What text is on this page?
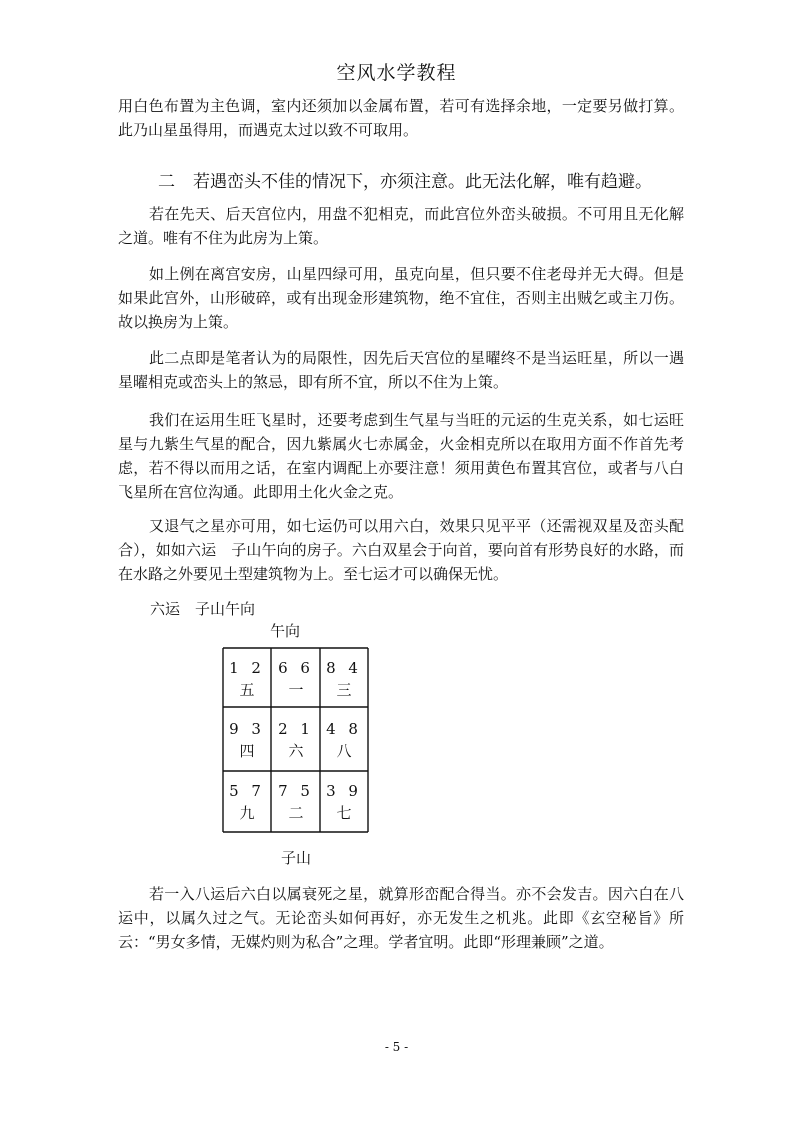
空风水学教程

用白色布置为主色调，室内还须加以金属布置，若可有选择余地，一定要另做打算。此乃山星虽得用，而遇克太过以致不可取用。

二 若遇峦头不佳的情况下，亦须注意。此无法化解，唯有趋避。

若在先天、后天宫位内，用盘不犯相克，而此宫位外峦头破损。不可用且无化解之道。唯有不住为此房为上策。

如上例在离宫安房，山星四绿可用，虽克向星，但只要不住老母并无大碍。但是如果此宫外，山形破碎，或有出现金形建筑物，绝不宜住，否则主出贼乞或主刀伤。故以换房为上策。

此二点即是笔者认为的局限性，因先后天宫位的星曜终不是当运旺星，所以一遇星曜相克或峦头上的煞忌，即有所不宜，所以不住为上策。

我们在运用生旺飞星时，还要考虑到生气星与当旺的元运的生克关系，如七运旺星与九紫生气星的配合，因九紫属火七赤属金，火金相克所以在取用方面不作首先考虑，若不得以而用之话，在室内调配上亦要注意！须用黄色布置其宫位，或者与八白飞星所在宫位沟通。此即用土化火金之克。

又退气之星亦可用，如七运仍可以用六白，效果只见平平（还需视双星及峦头配合），如如六运　子山午向的房子。六白双星会于向首，要向首有形势良好的水路，而在水路之外要见土型建筑物为上。至七运才可以确保无忧。

六运　子山午向
午向
1 2
五
6 6
一
8 4
三
9 3
四
2 1
六
4 8
八
5 7
九
7 5
二
3 9
七
子山

若一入八运后六白以属衰死之星，就算形峦配合得当。亦不会发吉。因六白在八运中，以属久过之气。无论峦头如何再好，亦无发生之机兆。此即《玄空秘旨》所云：“男女多情，无媒灼则为私合”之理。学者宜明。此即“形理兼顾”之道。

- 5 -
